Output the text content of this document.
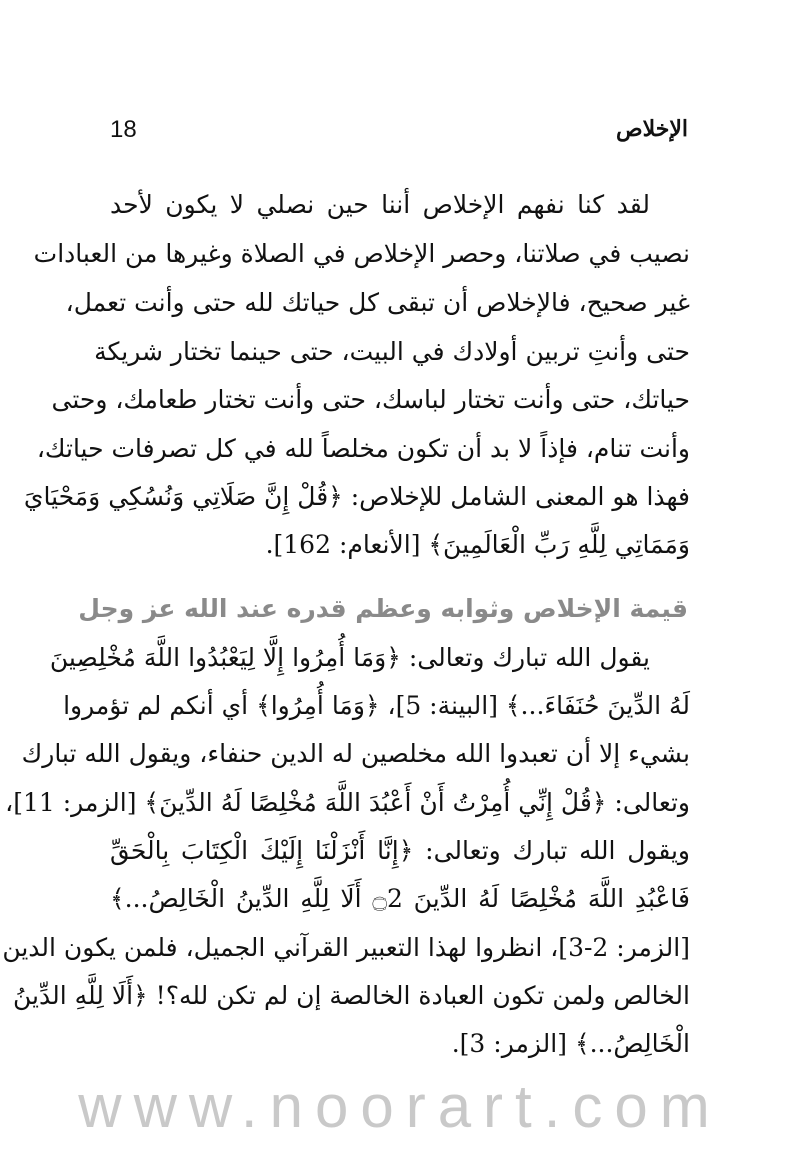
18	الإخلاص
لقد كنا نفهم الإخلاص أننا حين نصلي لا يكون لأحد
نصيب في صلاتنا، وحصر الإخلاص في الصلاة وغيرها من العبادات
غير صحيح، فالإخلاص أن تبقى كل حياتك لله حتى وأنت تعمل،
حتى وأنتِ تربين أولادك في البيت، حتى حينما تختار شريكة
حياتك، حتى وأنت تختار لباسك، حتى وأنت تختار طعامك، وحتى
وأنت تنام، فإذاً لا بد أن تكون مخلصاً لله في كل تصرفات حياتك،
فهذا هو المعنى الشامل للإخلاص: ﴿قُلْ إِنَّ صَلَاتِي وَنُسُكِي وَمَحْيَايَ
وَمَمَاتِي لِلَّهِ رَبِّ الْعَالَمِينَ﴾ [الأنعام: 162].
قيمة الإخلاص وثوابه وعظم قدره عند الله عز وجل
يقول الله تبارك وتعالى: ﴿وَمَا أُمِرُوا إِلَّا لِيَعْبُدُوا اللَّهَ مُخْلِصِينَ
لَهُ الدِّينَ حُنَفَاءَ...﴾ [البينة: 5]، ﴿وَمَا أُمِرُوا﴾ أي أنكم لم تؤمروا
بشيء إلا أن تعبدوا الله مخلصين له الدين حنفاء، ويقول الله تبارك
وتعالى: ﴿قُلْ إِنِّي أُمِرْتُ أَنْ أَعْبُدَ اللَّهَ مُخْلِصًا لَهُ الدِّينَ﴾ [الزمر: 11]،
ويقول الله تبارك وتعالى: ﴿إِنَّا أَنْزَلْنَا إِلَيْكَ الْكِتَابَ بِالْحَقِّ
فَاعْبُدِ اللَّهَ مُخْلِصًا لَهُ الدِّينَ ۝2 أَلَا لِلَّهِ الدِّينُ الْخَالِصُ...﴾
[الزمر: 2-3]، انظروا لهذا التعبير القرآني الجميل، فلمن يكون الدين
الخالص ولمن تكون العبادة الخالصة إن لم تكن لله؟! ﴿أَلَا لِلَّهِ الدِّينُ
الْخَالِصُ...﴾ [الزمر: 3].
www.noorart.com
